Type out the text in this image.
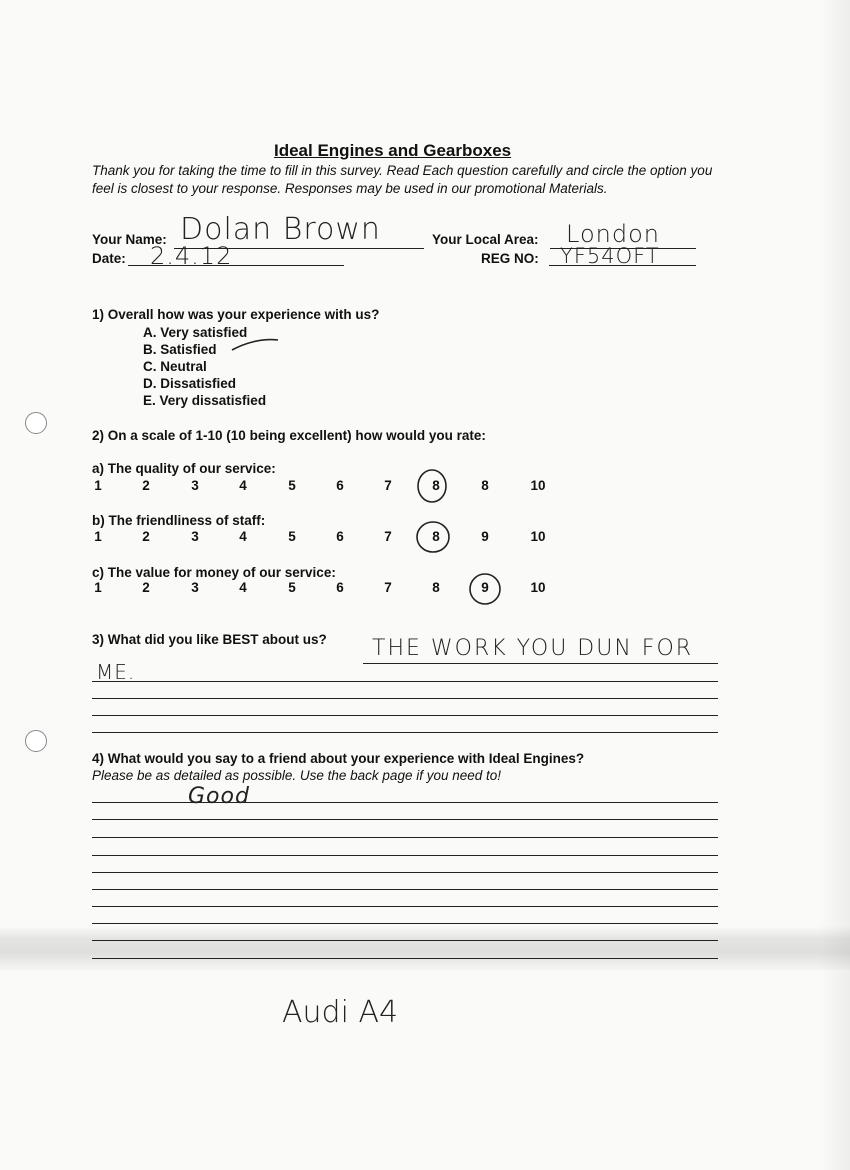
Ideal Engines and Gearboxes
Thank you for taking the time to fill in this survey. Read Each question carefully and circle the option you feel is closest to your response. Responses may be used in our promotional Materials.
Your Name: Dolan Brown	Your Local Area: London
Date: 2.4.12	REG NO: YF54OFT
1) Overall how was your experience with us?
A. Very satisfied
B. Satisfied
C. Neutral
D. Dissatisfied
E. Very dissatisfied
2) On a scale of 1-10 (10 being excellent) how would you rate:
a) The quality of our service:
1	2	3	4	5	6	7	8	8	10
b) The friendliness of staff:
1	2	3	4	5	6	7	8	9	10
c) The value for money of our service:
1	2	3	4	5	6	7	8	9	10
3) What did you like BEST about us? THE WORK YOU DUN FOR
ME.
4) What would you say to a friend about your experience with Ideal Engines?
Please be as detailed as possible. Use the back page if you need to!
Good
Audi A4
